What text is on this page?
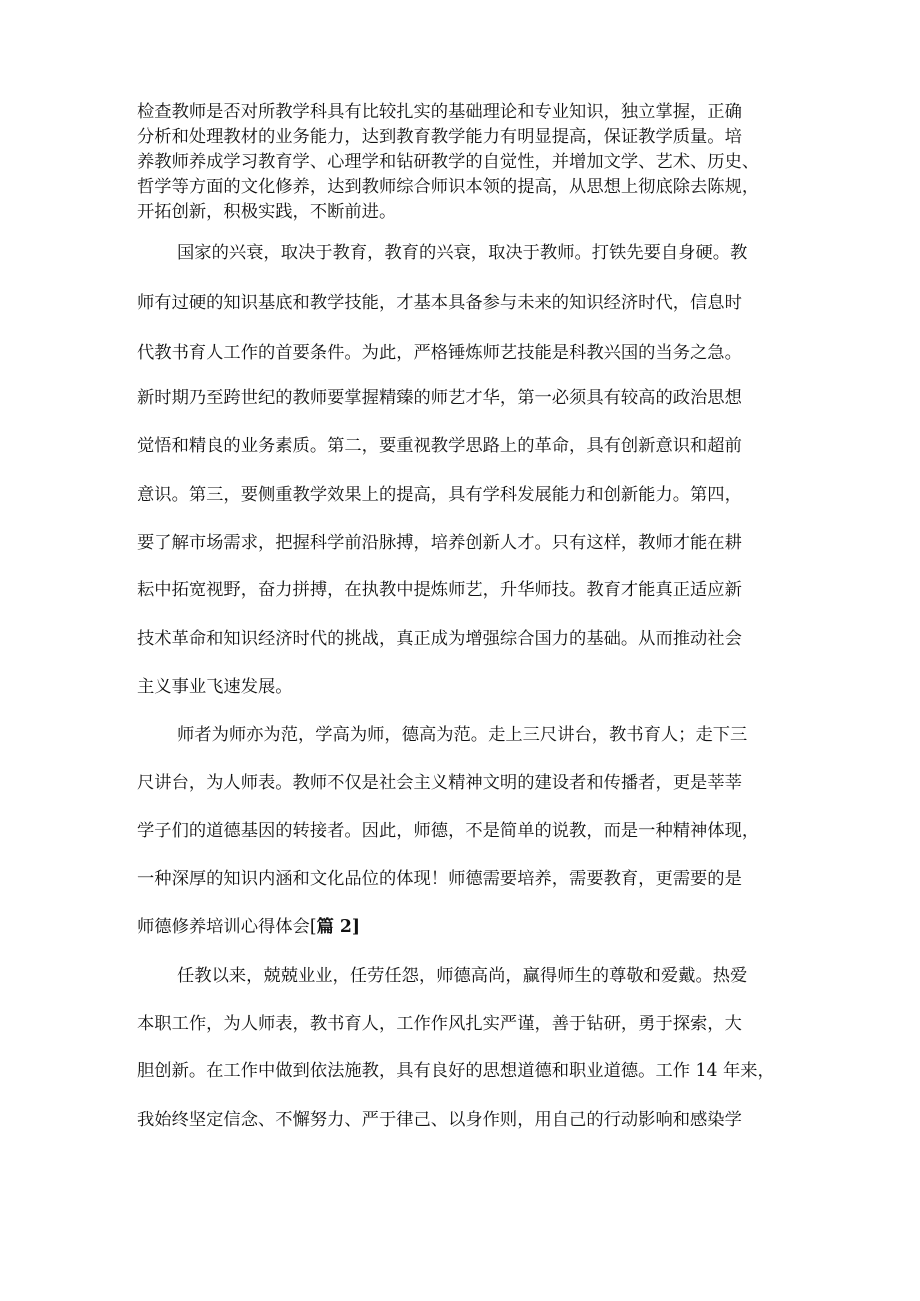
检查教师是否对所教学科具有比较扎实的基础理论和专业知识，独立掌握，正确
分析和处理教材的业务能力，达到教育教学能力有明显提高，保证教学质量。培
养教师养成学习教育学、心理学和钻研教学的自觉性，并增加文学、艺术、历史、
哲学等方面的文化修养，达到教师综合师识本领的提高，从思想上彻底除去陈规，
开拓创新，积极实践，不断前进。
国家的兴衰，取决于教育，教育的兴衰，取决于教师。打铁先要自身硬。教
师有过硬的知识基底和教学技能，才基本具备参与未来的知识经济时代，信息时
代教书育人工作的首要条件。为此，严格锤炼师艺技能是科教兴国的当务之急。
新时期乃至跨世纪的教师要掌握精臻的师艺才华，第一必须具有较高的政治思想
觉悟和精良的业务素质。第二，要重视教学思路上的革命，具有创新意识和超前
意识。第三，要侧重教学效果上的提高，具有学科发展能力和创新能力。第四，
要了解市场需求，把握科学前沿脉搏，培养创新人才。只有这样，教师才能在耕
耘中拓宽视野，奋力拼搏，在执教中提炼师艺，升华师技。教育才能真正适应新
技术革命和知识经济时代的挑战，真正成为增强综合国力的基础。从而推动社会
主义事业飞速发展。
师者为师亦为范，学高为师，德高为范。走上三尺讲台，教书育人；走下三
尺讲台，为人师表。教师不仅是社会主义精神文明的建设者和传播者，更是莘莘
学子们的道德基因的转接者。因此，师德，不是简单的说教，而是一种精神体现，
一种深厚的知识内涵和文化品位的体现！师德需要培养，需要教育，更需要的是
师德修养培训心得体会[篇 2]
任教以来，兢兢业业，任劳任怨，师德高尚，赢得师生的尊敬和爱戴。热爱
本职工作，为人师表，教书育人，工作作风扎实严谨，善于钻研，勇于探索，大
胆创新。在工作中做到依法施教，具有良好的思想道德和职业道德。工作 14 年来，
我始终坚定信念、不懈努力、严于律己、以身作则，用自己的行动影响和感染学
